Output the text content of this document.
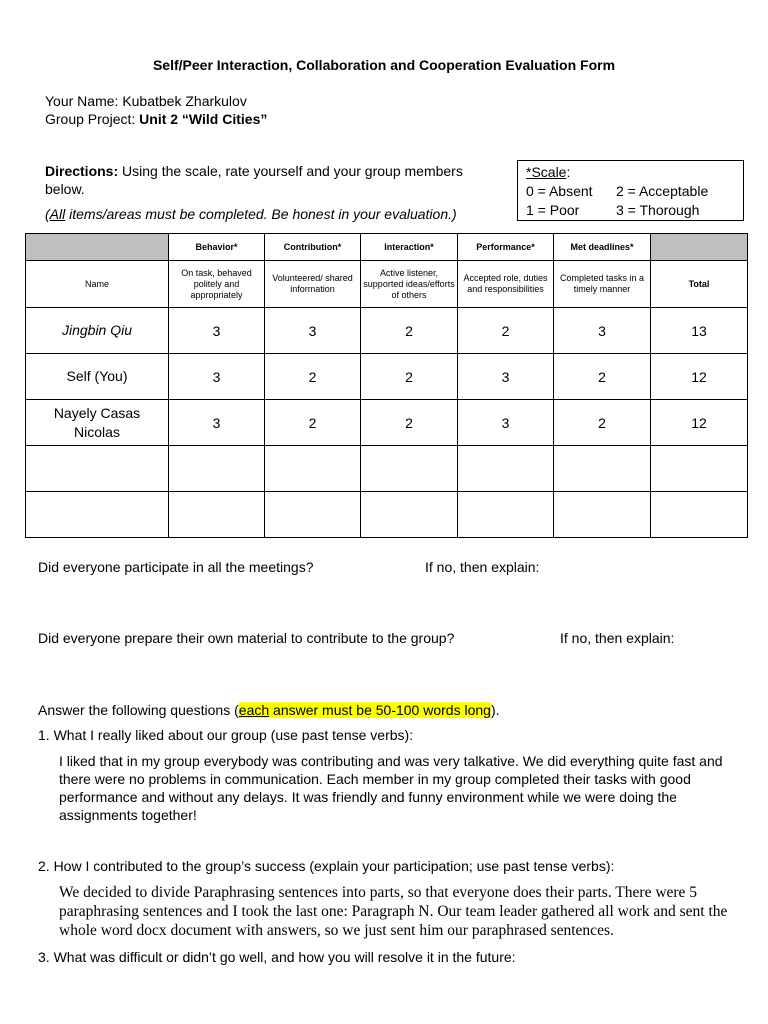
Self/Peer Interaction, Collaboration and Cooperation Evaluation Form
Your Name: Kubatbek Zharkulov
Group Project: Unit 2 “Wild Cities”
Directions: Using the scale, rate yourself and your group members
below.
(All items/areas must be completed. Be honest in your evaluation.)
*Scale:
0 = Absent	2 = Acceptable
1 = Poor	3 = Thorough
	Behavior*	Contribution*	Interaction*	Performance*	Met deadlines*	
Name	On task, behaved politely and appropriately	Volunteered/ shared information	Active listener, supported ideas/efforts of others	Accepted role, duties and responsibilities	Completed tasks in a timely manner	Total
Jingbin Qiu	3	3	2	2	3	13
Self (You)	3	2	2	3	2	12
Nayely Casas Nicolas	3	2	2	3	2	12

Did everyone participate in all the meetings?	If no, then explain:
Did everyone prepare their own material to contribute to the group?	If no, then explain:
Answer the following questions (each answer must be 50-100 words long).
1. What I really liked about our group (use past tense verbs):
I liked that in my group everybody was contributing and was very talkative. We did everything quite fast and there were no problems in communication. Each member in my group completed their tasks with good performance and without any delays. It was friendly and funny environment while we were doing the assignments together!
2. How I contributed to the group’s success (explain your participation; use past tense verbs):
We decided to divide Paraphrasing sentences into parts, so that everyone does their parts. There were 5 paraphrasing sentences and I took the last one: Paragraph N. Our team leader gathered all work and sent the whole word docx document with answers, so we just sent him our paraphrased sentences.
3. What was difficult or didn’t go well, and how you will resolve it in the future:
